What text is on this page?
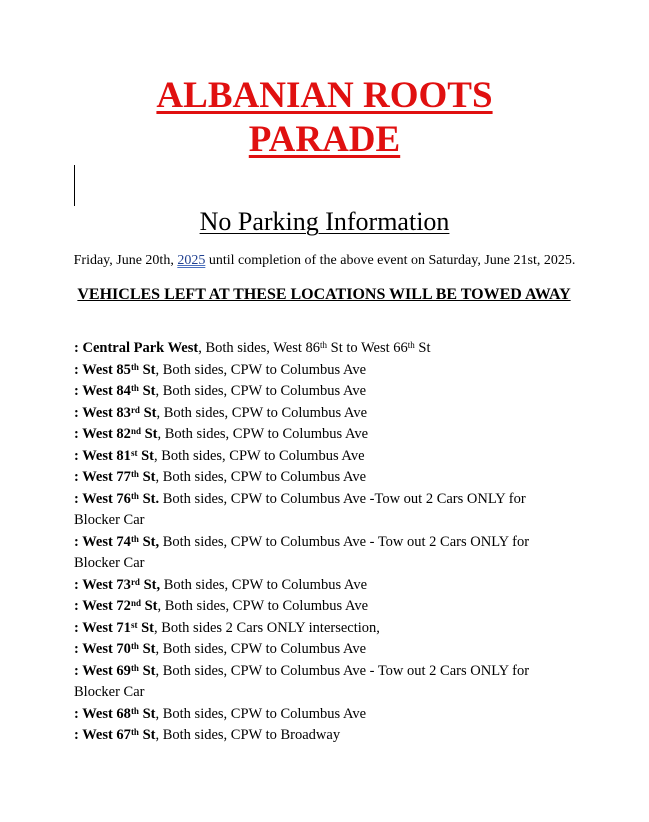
ALBANIAN ROOTS
PARADE
No Parking Information
Friday, June 20th, 2025 until completion of the above event on Saturday, June 21st, 2025.
VEHICLES LEFT AT THESE LOCATIONS WILL BE TOWED AWAY
: Central Park West, Both sides, West 86th St to West 66th St
: West 85th St, Both sides, CPW to Columbus Ave
: West 84th St, Both sides, CPW to Columbus Ave
: West 83rd St, Both sides, CPW to Columbus Ave
: West 82nd St, Both sides, CPW to Columbus Ave
: West 81st St, Both sides, CPW to Columbus Ave
: West 77th St, Both sides, CPW to Columbus Ave
: West 76th St. Both sides, CPW to Columbus Ave -Tow out 2 Cars ONLY for Blocker Car
: West 74th St, Both sides, CPW to Columbus Ave - Tow out 2 Cars ONLY for Blocker Car
: West 73rd St, Both sides, CPW to Columbus Ave
: West 72nd St, Both sides, CPW to Columbus Ave
: West 71st St, Both sides 2 Cars ONLY intersection,
: West 70th St, Both sides, CPW to Columbus Ave
: West 69th St, Both sides, CPW to Columbus Ave - Tow out 2 Cars ONLY for Blocker Car
: West 68th St, Both sides, CPW to Columbus Ave
: West 67th St, Both sides, CPW to Broadway
